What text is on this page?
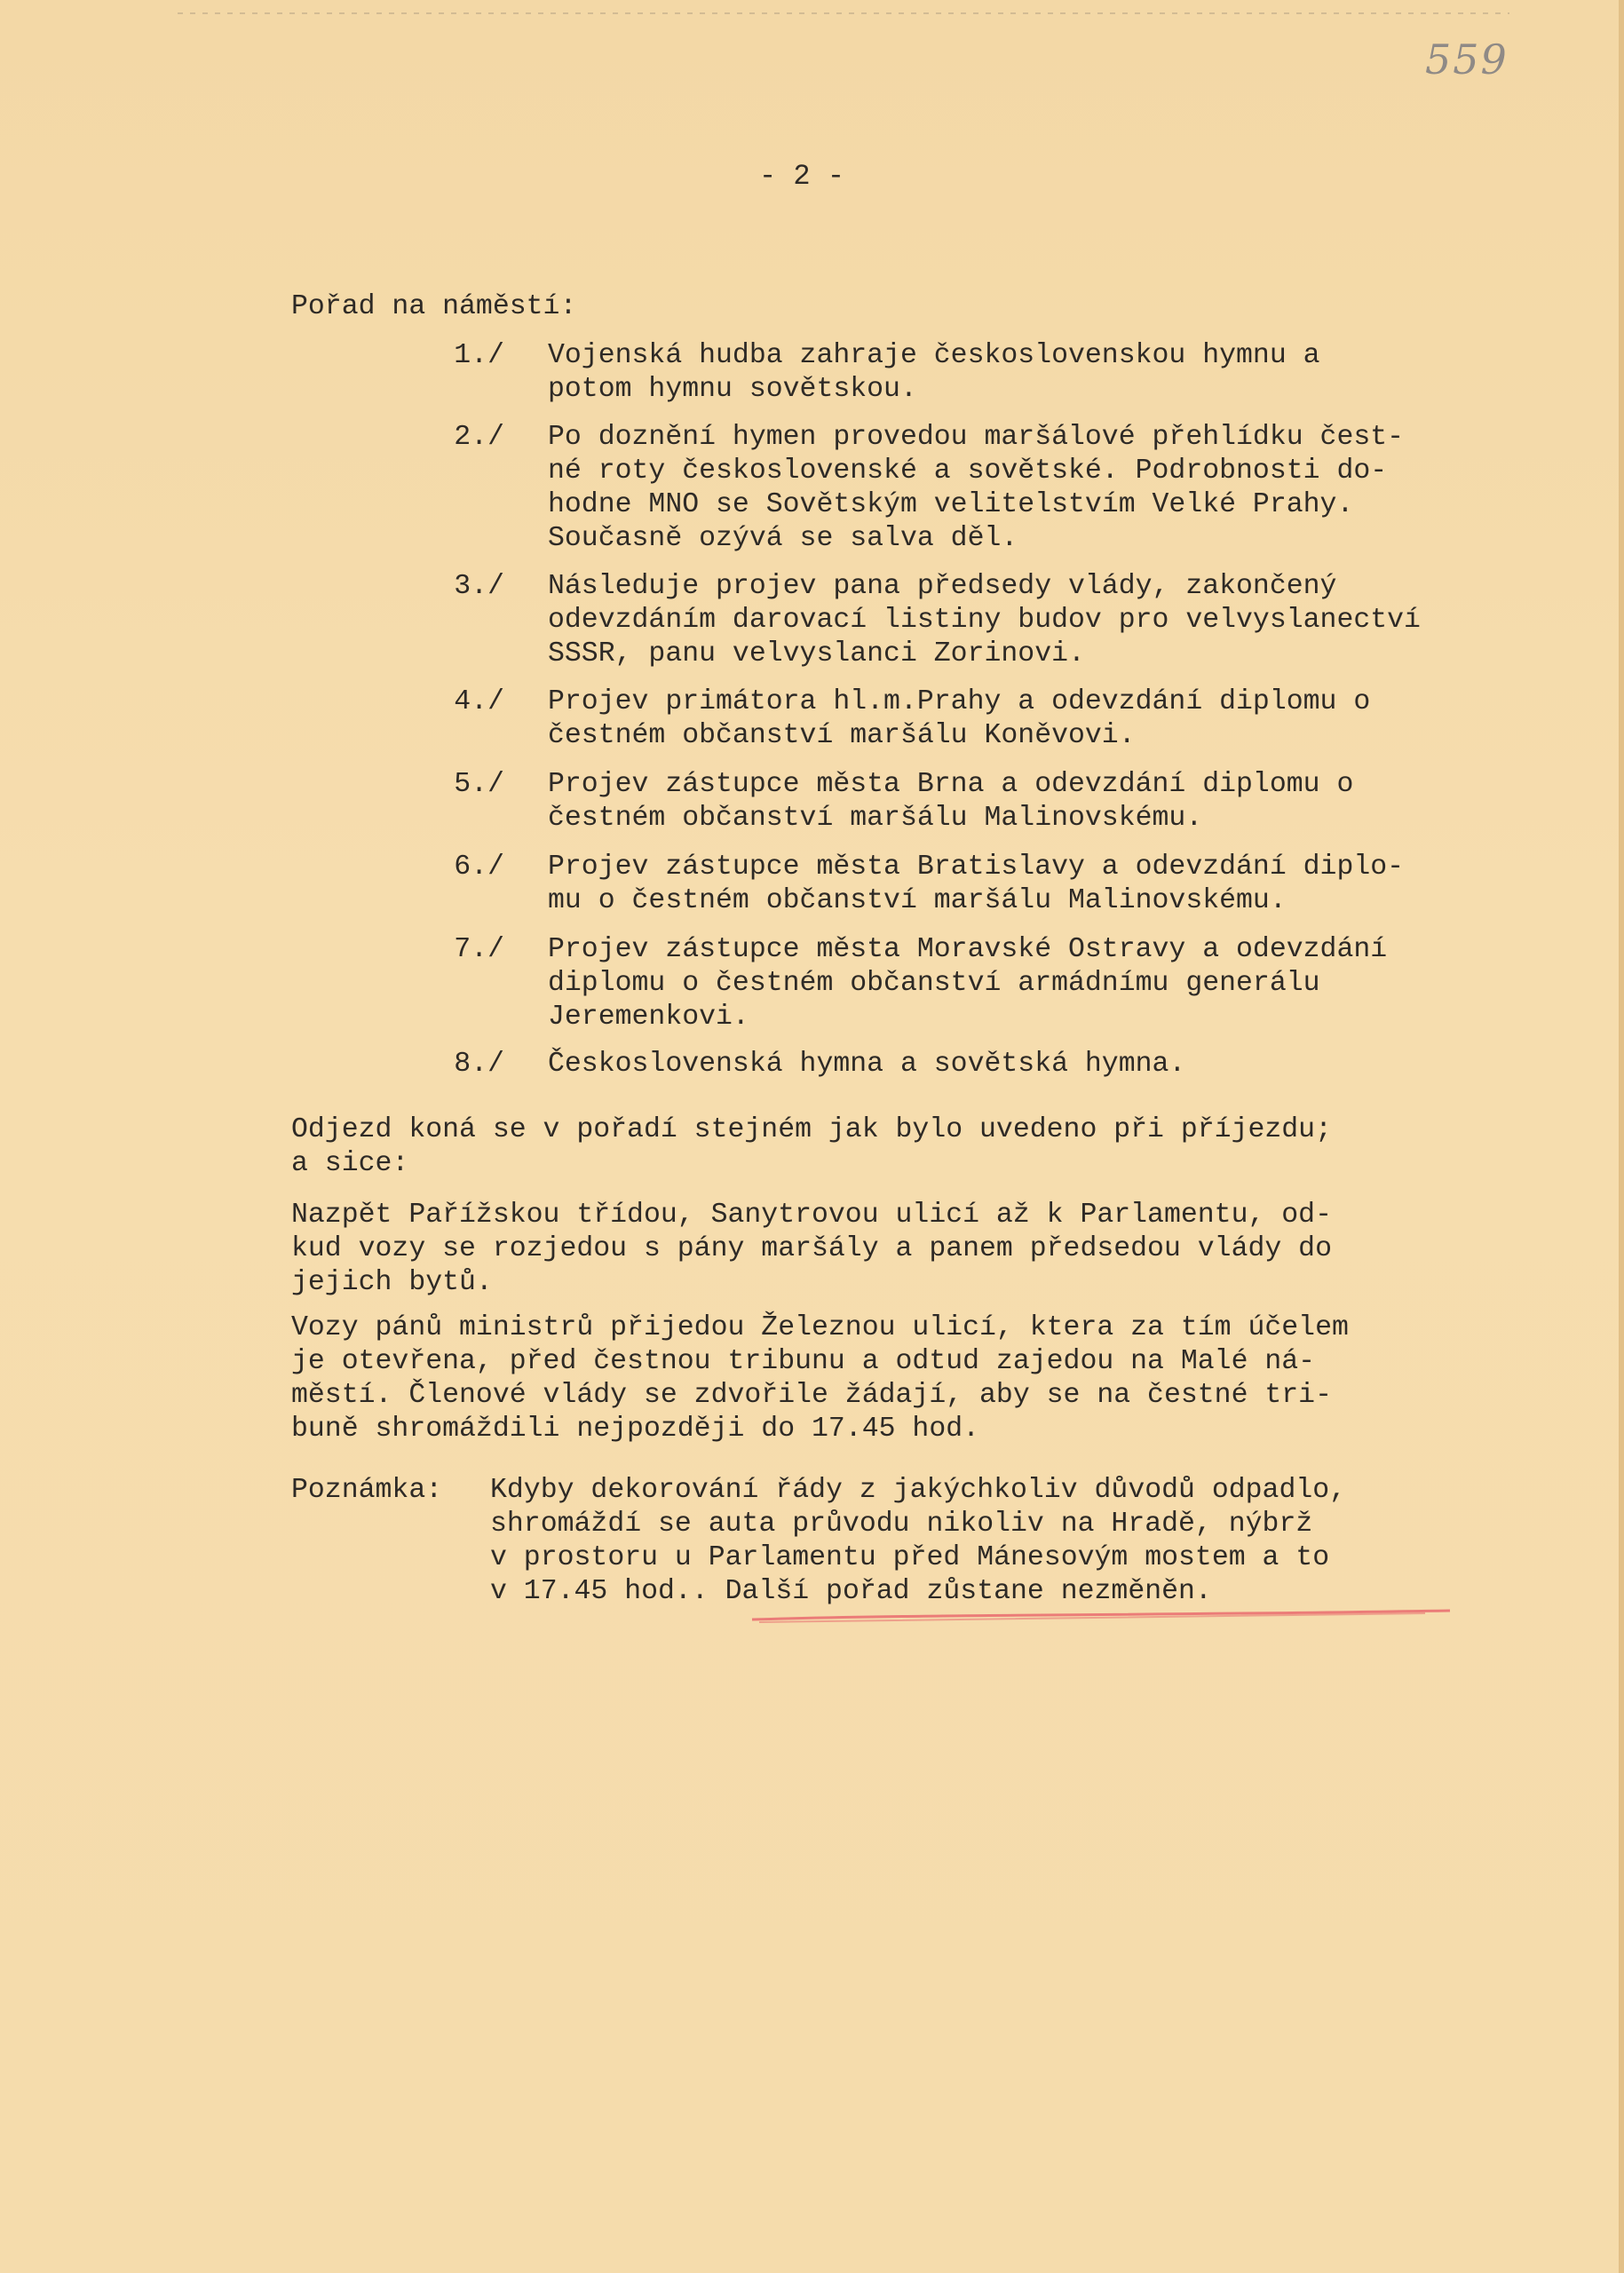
559
- 2 -
Pořad na náměstí:
1./ Vojenská hudba zahraje československou hymnu a
potom hymnu sovětskou.
2./ Po doznění hymen provedou maršálové přehlídku čest-
né roty československé a sovětské. Podrobnosti do-
hodne MNO se Sovětským velitelstvím Velké Prahy.
Současně ozývá se salva děl.
3./ Následuje projev pana předsedy vlády, zakončený
odevzdáním darovací listiny budov pro velvyslanectví
SSSR, panu velvyslanci Zorinovi.
4./ Projev primátora hl.m.Prahy a odevzdání diplomu o
čestném občanství maršálu Koněvovi.
5./ Projev zástupce města Brna a odevzdání diplomu o
čestném občanství maršálu Malinovskému.
6./ Projev zástupce města Bratislavy a odevzdání diplo-
mu o čestném občanství maršálu Malinovskému.
7./ Projev zástupce města Moravské Ostravy a odevzdání
diplomu o čestném občanství armádnímu generálu
Jeremenkovi.
8./ Československá hymna a sovětská hymna.
Odjezd koná se v pořadí stejném jak bylo uvedeno při příjezdu;
a sice:
Nazpět Pařížskou třídou, Sanytrovou ulicí až k Parlamentu, od-
kud vozy se rozjedou s pány maršály a panem předsedou vlády do
jejich bytů.
Vozy pánů ministrů přijedou Železnou ulicí, ktera za tím účelem
je otevřena, před čestnou tribunu a odtud zajedou na Malé ná-
městí. Členové vlády se zdvořile žádají, aby se na čestné tri-
buně shromáždili nejpozději do 17.45 hod.
Poznámka: Kdyby dekorování řády z jakýchkoliv důvodů odpadlo,
shromáždí se auta průvodu nikoliv na Hradě, nýbrž
v prostoru u Parlamentu před Mánesovým mostem a to
v 17.45 hod.. Další pořad zůstane nezměněn.
